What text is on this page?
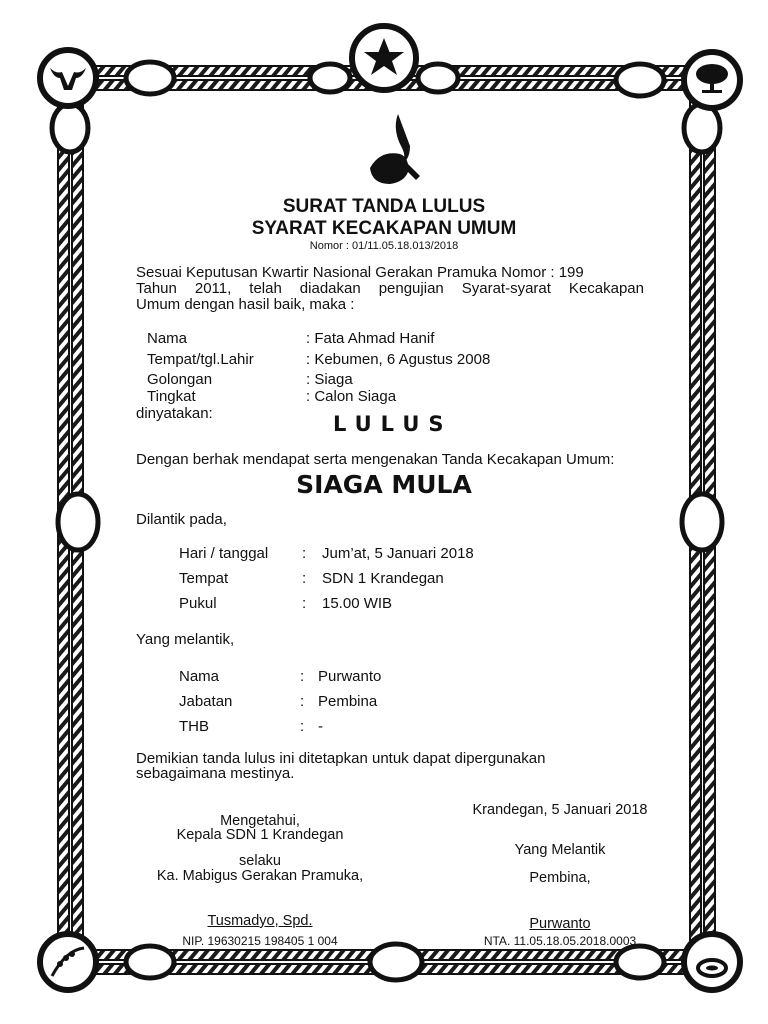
SURAT TANDA LULUS
SYARAT KECAKAPAN UMUM
Nomor : 01/11.05.18.013/2018
Sesuai Keputusan Kwartir Nasional Gerakan Pramuka Nomor : 199
Tahun 2011, telah diadakan pengujian Syarat-syarat Kecakapan
Umum dengan hasil baik, maka :
Nama	: Fata Ahmad Hanif
Tempat/tgl.Lahir	: Kebumen, 6 Agustus 2008
Golongan	: Siaga
Tingkat	: Calon Siaga
dinyatakan:	LULUS
Dengan berhak mendapat serta mengenakan Tanda Kecakapan Umum:
SIAGA MULA
Dilantik pada,
Hari / tanggal : Jum’at, 5 Januari 2018
Tempat	: SDN 1 Krandegan
Pukul	: 15.00 WIB
Yang melantik,
Nama	: Purwanto
Jabatan	: Pembina
THB	: -
Demikian tanda lulus ini ditetapkan untuk dapat dipergunakan
sebagaimana mestinya.
Mengetahui,
Kepala SDN 1 Krandegan
selaku
Ka. Mabigus Gerakan Pramuka,
Tusmadyo, Spd.
NIP. 19630215 198405 1 004
Krandegan, 5 Januari 2018
Yang Melantik
Pembina,
Purwanto
NTA. 11.05.18.05.2018.0003
